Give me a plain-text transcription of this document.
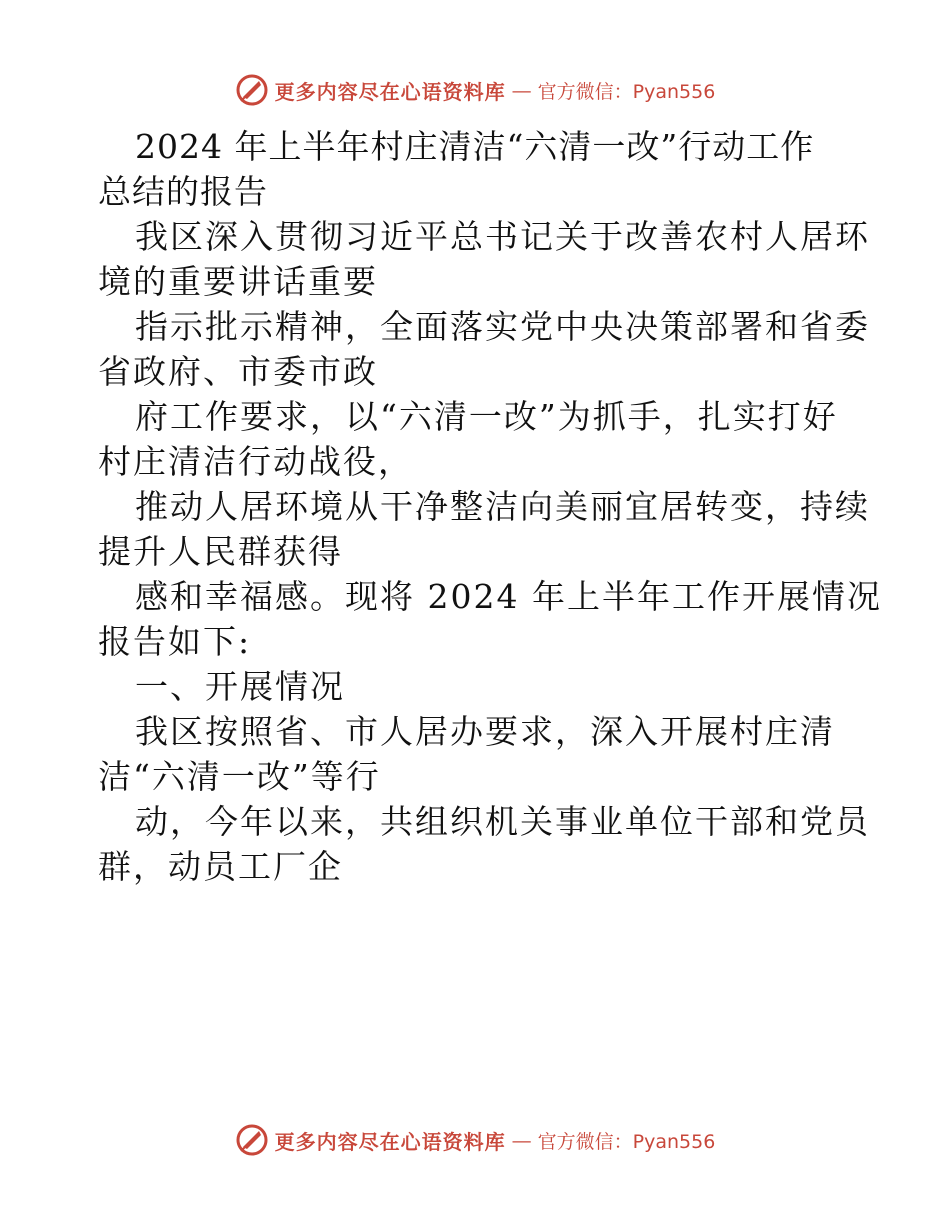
更多内容尽在心语资料库 — 官方微信：Pyan556
2024 年上半年村庄清洁“六清一改”行动工作
总结的报告
我区深入贯彻习近平总书记关于改善农村人居环
境的重要讲话重要
指示批示精神，全面落实党中央决策部署和省委
省政府、市委市政
府工作要求，以“六清一改”为抓手，扎实打好
村庄清洁行动战役，
推动人居环境从干净整洁向美丽宜居转变，持续
提升人民群获得
感和幸福感。现将 2024 年上半年工作开展情况
报告如下:
一、开展情况
我区按照省、市人居办要求，深入开展村庄清
洁“六清一改”等行
动，今年以来，共组织机关事业单位干部和党员
群，动员工厂企
更多内容尽在心语资料库 — 官方微信：Pyan556
